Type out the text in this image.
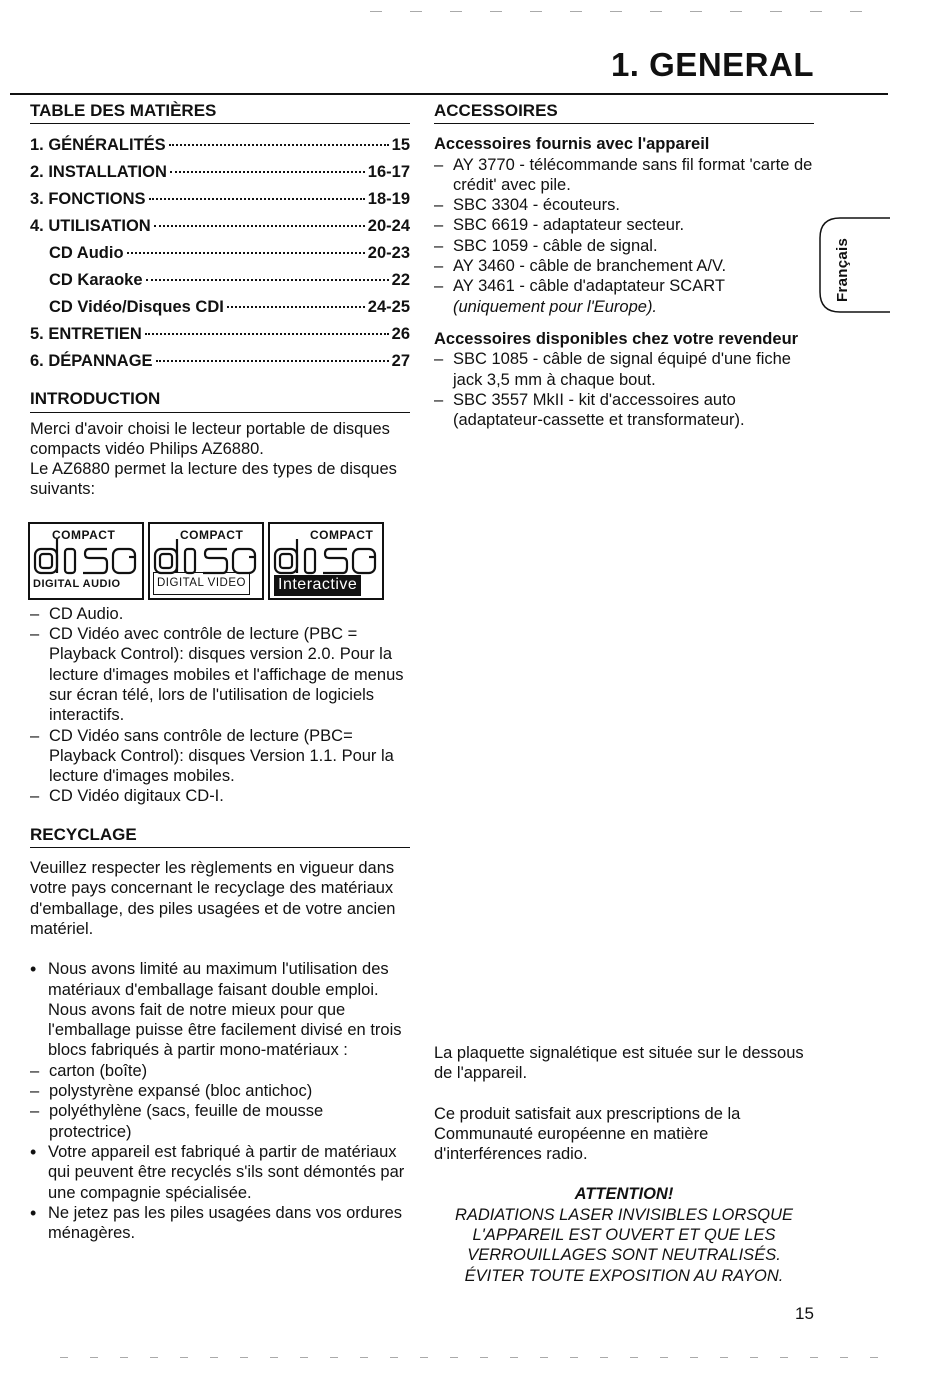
1. GENERAL
Français
TABLE DES MATIÈRES
1. GÉNÉRALITÉS	15
2. INSTALLATION	16-17
3. FONCTIONS	18-19
4. UTILISATION	20-24
CD Audio	20-23
CD Karaoke	22
CD Vidéo/Disques CDI	24-25
5. ENTRETIEN	26
6. DÉPANNAGE	27
INTRODUCTION

Merci d'avoir choisi le lecteur portable de disques compacts vidéo Philips AZ6880.

Le AZ6880 permet la lecture des types de disques suivants:

COMPACT
DIGITAL AUDIO
COMPACT
DIGITAL VIDEO
COMPACT
Interactive
– CD Audio.
– CD Vidéo avec contrôle de lecture (PBC = Playback Control): disques version 2.0. Pour la lecture d'images mobiles et l'affichage de menus sur écran télé, lors de l'utilisation de logiciels interactifs.
– CD Vidéo sans contrôle de lecture (PBC= Playback Control): disques Version 1.1. Pour la lecture d'images mobiles.
– CD Vidéo digitaux CD-I.
RECYCLAGE

Veuillez respecter les règlements en vigueur dans votre pays concernant le recyclage des matériaux d'emballage, des piles usagées et de votre ancien matériel.

• Nous avons limité au maximum l'utilisation des matériaux d'emballage faisant double emploi. Nous avons fait de notre mieux pour que l'emballage puisse être facilement divisé en trois blocs fabriqués à partir mono-matériaux :
– carton (boîte)
– polystyrène expansé (bloc antichoc)
– polyéthylène (sacs, feuille de mousse protectrice)
• Votre appareil est fabriqué à partir de matériaux qui peuvent être recyclés s'ils sont démontés par une compagnie spécialisée.
• Ne jetez pas les piles usagées dans vos ordures ménagères.
ACCESSOIRES
Accessoires fournis avec l'appareil
– AY 3770 - télécommande sans fil format 'carte de crédit' avec pile.
– SBC 3304 - écouteurs.
– SBC 6619 - adaptateur secteur.
– SBC 1059 - câble de signal.
– AY 3460 - câble de branchement A/V.
– AY 3461 - câble d'adaptateur SCART
(uniquement pour l'Europe).
Accessoires disponibles chez votre revendeur
– SBC 1085 - câble de signal équipé d'une fiche jack 3,5 mm à chaque bout.
– SBC 3557 MkII - kit d'accessoires auto (adaptateur-cassette et transformateur).

La plaquette signalétique est située sur le dessous de l'appareil.

Ce produit satisfait aux prescriptions de la Communauté européenne en matière d'interférences radio.

ATTENTION!
RADIATIONS LASER INVISIBLES LORSQUE
L'APPAREIL EST OUVERT ET QUE LES
VERROUILLAGES SONT NEUTRALISÉS.
ÉVITER TOUTE EXPOSITION AU RAYON.
15
